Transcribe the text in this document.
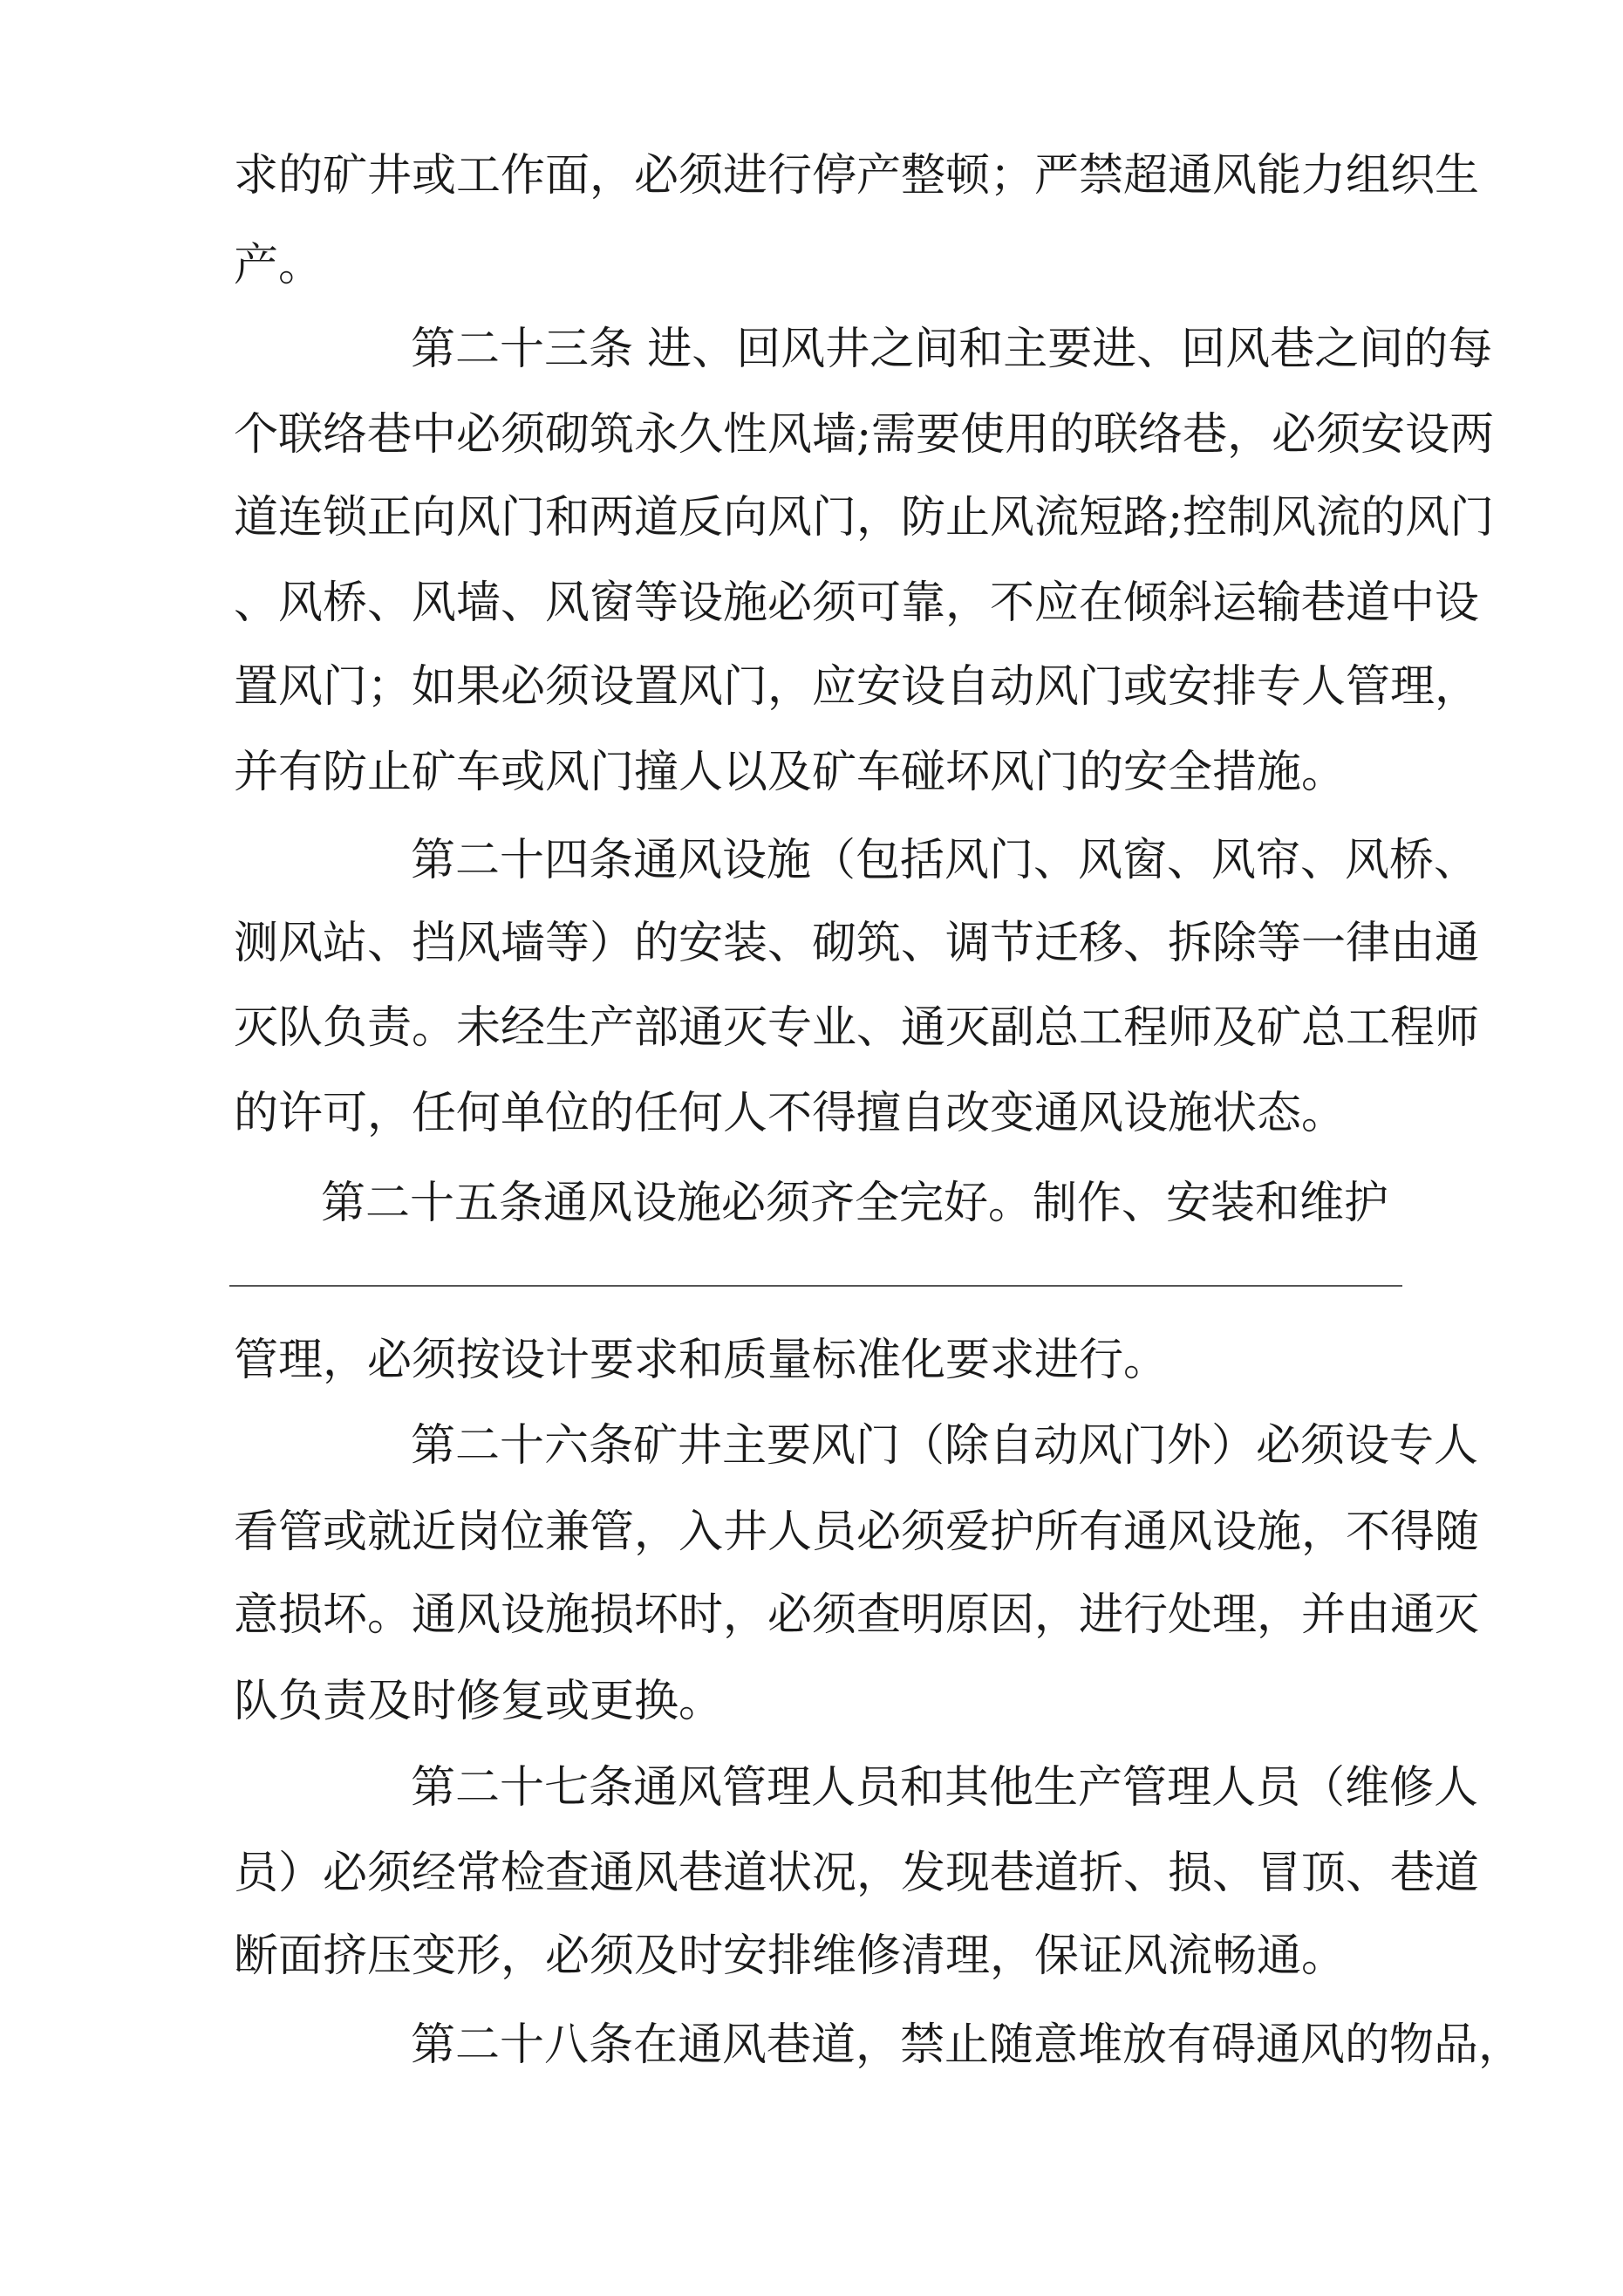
求的矿井或工作面，必须进行停产整顿；严禁超通风能力组织生

产。

第二十三条 进、回风井之间和主要进、回风巷之间的每

个联络巷中必须砌筑永久性风墙;需要使用的联络巷，必须安设两

道连锁正向风门和两道反向风门，防止风流短路;控制风流的风门

、风桥、风墙、风窗等设施必须可靠，不应在倾斜运输巷道中设

置风门；如果必须设置风门，应安设自动风门或安排专人管理，

并有防止矿车或风门撞人以及矿车碰坏风门的安全措施。

第二十四条通风设施（包括风门、风窗、风帘、风桥、

测风站、挡风墙等）的安装、砌筑、调节迁移、拆除等一律由通

灭队负责。未经生产部通灭专业、通灭副总工程师及矿总工程师

的许可，任何单位的任何人不得擅自改变通风设施状态。

第二十五条通风设施必须齐全完好。制作、安装和维护

管理，必须按设计要求和质量标准化要求进行。

第二十六条矿井主要风门（除自动风门外）必须设专人

看管或就近岗位兼管，入井人员必须爱护所有通风设施，不得随

意损坏。通风设施损坏时，必须查明原因，进行处理，并由通灭

队负责及时修复或更换。

第二十七条通风管理人员和其他生产管理人员（维修人

员）必须经常检查通风巷道状况，发现巷道折、损、冒顶、巷道

断面挤压变形，必须及时安排维修清理，保证风流畅通。

第二十八条在通风巷道，禁止随意堆放有碍通风的物品，
